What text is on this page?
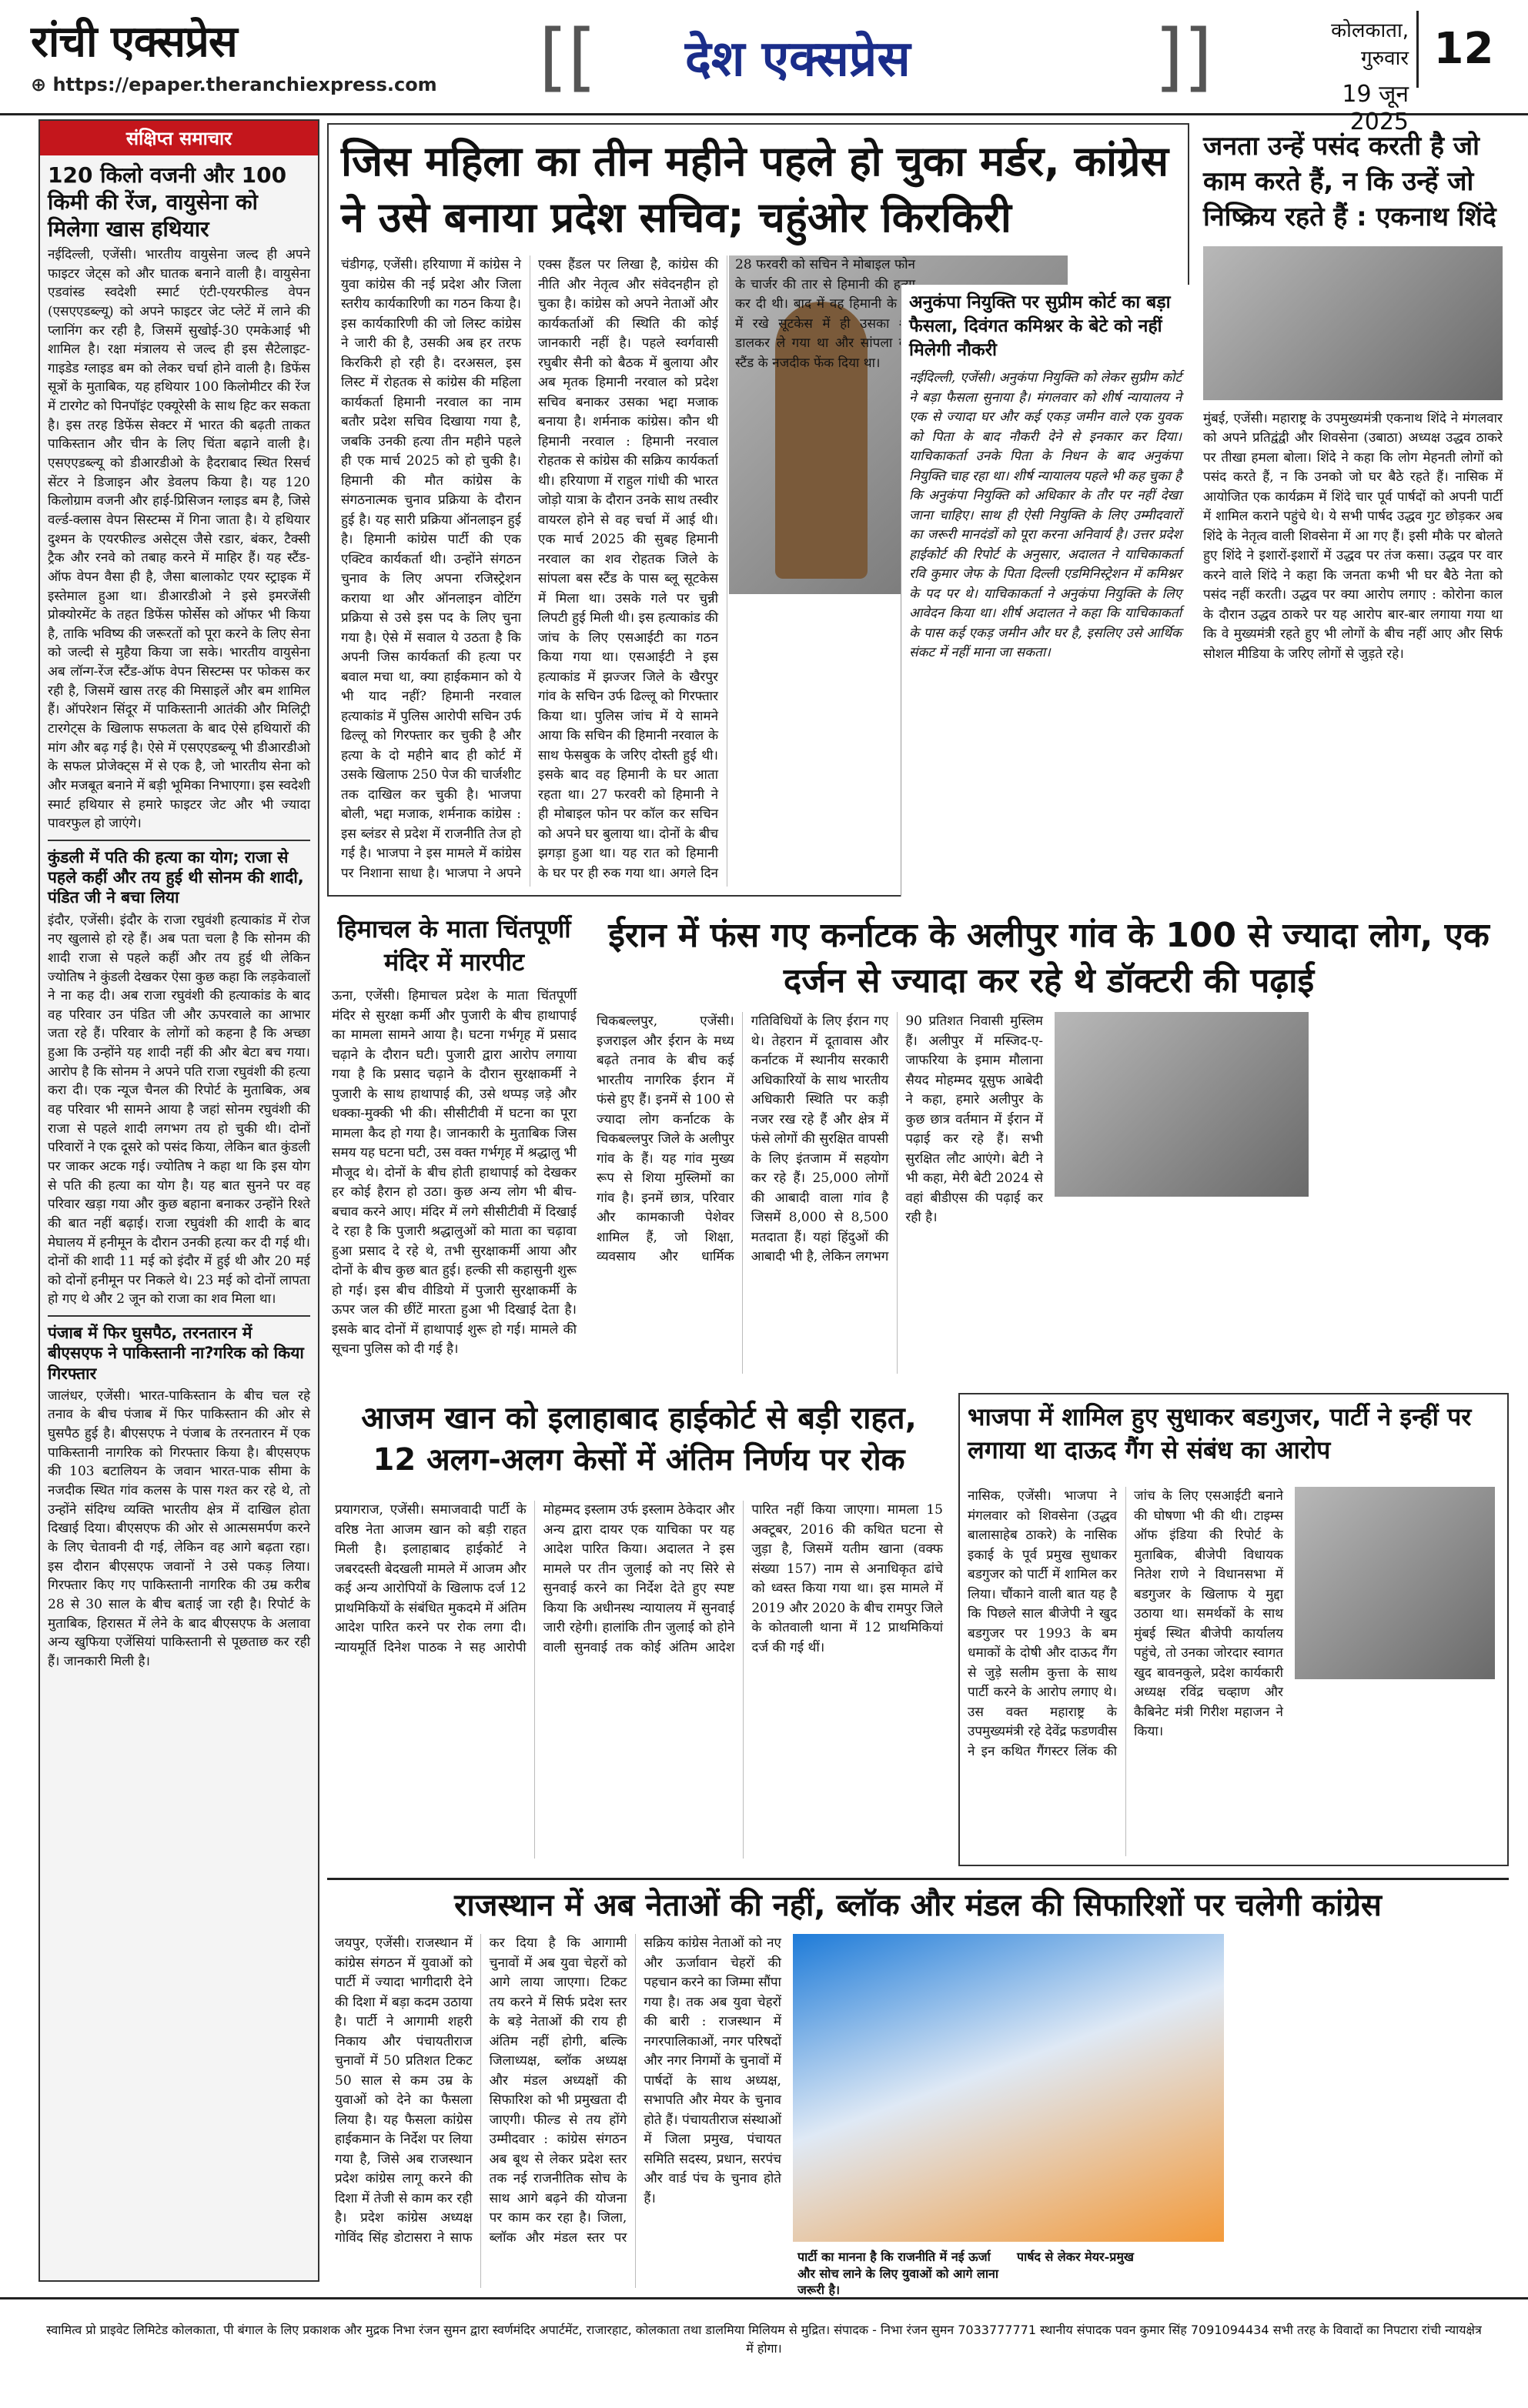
रांची एक्सप्रेस
⊕ https://epaper.theranchiexpress.com [[ देश एक्सप्रेस	]]	कोलकाता, गुरुवार
19 जून 2025
12
संक्षिप्त समाचार
120 किलो वजनी और 100 किमी की रेंज, वायुसेना को मिलेगा खास हथियार
नईदिल्ली, एजेंसी। भारतीय वायुसेना जल्द ही अपने फाइटर जेट्स को और घातक बनाने वाली है। वायुसेना एडवांस्ड स्वदेशी स्मार्ट एंटी-एयरफील्ड वेपन (एसएएडब्ल्यू) को अपने फाइटर जेट प्लेटें में लाने की प्लानिंग कर रही है, जिसमें सुखोई-30 एमकेआई भी शामिल है। रक्षा मंत्रालय से जल्द ही इस सैटेलाइट-गाइडेड ग्लाइड बम को लेकर चर्चा होने वाली है। डिफेंस सूत्रों के मुताबिक, यह हथियार 100 किलोमीटर की रेंज में टारगेट को पिनपॉइंट एक्यूरेसी के साथ हिट कर सकता है। इस तरह डिफेंस सेक्टर में भारत की बढ़ती ताकत पाकिस्तान और चीन के लिए चिंता बढ़ाने वाली है। एसएएडब्ल्यू को डीआरडीओ के हैदराबाद स्थित रिसर्च सेंटर ने डिजाइन और डेवलप किया है। यह 120 किलोग्राम वजनी और हाई-प्रिसिजन ग्लाइड बम है, जिसे वर्ल्ड-क्लास वेपन सिस्टम्स में गिना जाता है। ये हथियार दुश्मन के एयरफील्ड असेट्स जैसे रडार, बंकर, टैक्सी ट्रैक और रनवे को तबाह करने में माहिर हैं। यह स्टैंड-ऑफ वेपन वैसा ही है, जैसा बालाकोट एयर स्ट्राइक में इस्तेमाल हुआ था। डीआरडीओ ने इसे इमरजेंसी प्रोक्योरमेंट के तहत डिफेंस फोर्सेस को ऑफर भी किया है, ताकि भविष्य की जरूरतों को पूरा करने के लिए सेना को जल्दी से मुहैया किया जा सके। भारतीय वायुसेना अब लॉन्ग-रेंज स्टैंड-ऑफ वेपन सिस्टम्स पर फोकस कर रही है, जिसमें खास तरह की मिसाइलें और बम शामिल हैं। ऑपरेशन सिंदूर में पाकिस्तानी आतंकी और मिलिट्री टारगेट्स के खिलाफ सफलता के बाद ऐसे हथियारों की मांग और बढ़ गई है। ऐसे में एसएएडब्ल्यू भी डीआरडीओ के सफल प्रोजेक्ट्स में से एक है, जो भारतीय सेना को और मजबूत बनाने में बड़ी भूमिका निभाएगा। इस स्वदेशी स्मार्ट हथियार से हमारे फाइटर जेट और भी ज्यादा पावरफुल हो जाएंगे।
कुंडली में पति की हत्या का योग; राजा से पहले कहीं और तय हुई थी सोनम की शादी, पंडित जी ने बचा लिया
इंदौर, एजेंसी। इंदौर के राजा रघुवंशी हत्याकांड में रोज नए खुलासे हो रहे हैं। अब पता चला है कि सोनम की शादी राजा से पहले कहीं और तय हुई थी लेकिन ज्योतिष ने कुंडली देखकर ऐसा कुछ कहा कि लड़केवालों ने ना कह दी। अब राजा रघुवंशी की हत्याकांड के बाद वह परिवार उन पंडित जी और ऊपरवाले का आभार जता रहे हैं। परिवार के लोगों को कहना है कि अच्छा हुआ कि उन्होंने यह शादी नहीं की और बेटा बच गया। आरोप है कि सोनम ने अपने पति राजा रघुवंशी की हत्या करा दी। एक न्यूज चैनल की रिपोर्ट के मुताबिक, अब वह परिवार भी सामने आया है जहां सोनम रघुवंशी की राजा से पहले शादी लगभग तय हो चुकी थी। दोनों परिवारों ने एक दूसरे को पसंद किया, लेकिन बात कुंडली पर जाकर अटक गई। ज्योतिष ने कहा था कि इस योग से पति की हत्या का योग है। यह बात सुनने पर वह परिवार खड़ा गया और कुछ बहाना बनाकर उन्होंने रिश्ते की बात नहीं बढ़ाई। राजा रघुवंशी की शादी के बाद मेघालय में हनीमून के दौरान उनकी हत्या कर दी गई थी। दोनों की शादी 11 मई को इंदौर में हुई थी और 20 मई को दोनों हनीमून पर निकले थे। 23 मई को दोनों लापता हो गए थे और 2 जून को राजा का शव मिला था।
पंजाब में फिर घुसपैठ, तरनतारन में बीएसएफ ने पाकिस्तानी ना?गरिक को किया गिरफ्तार
जालंधर, एजेंसी। भारत-पाकिस्तान के बीच चल रहे तनाव के बीच पंजाब में फिर पाकिस्तान की ओर से घुसपैठ हुई है। बीएसएफ ने पंजाब के तरनतारन में एक पाकिस्तानी नागरिक को गिरफ्तार किया है। बीएसएफ की 103 बटालियन के जवान भारत-पाक सीमा के नजदीक स्थित गांव कलस के पास गश्त कर रहे थे, तो उन्होंने संदिग्ध व्यक्ति भारतीय क्षेत्र में दाखिल होता दिखाई दिया। बीएसएफ की ओर से आत्मसमर्पण करने के लिए चेतावनी दी गई, लेकिन वह आगे बढ़ता रहा। इस दौरान बीएसएफ जवानों ने उसे पकड़ लिया। गिरफ्तार किए गए पाकिस्तानी नागरिक की उम्र करीब 28 से 30 साल के बीच बताई जा रही है। रिपोर्ट के मुताबिक, हिरासत में लेने के बाद बीएसएफ के अलावा अन्य खुफिया एजेंसियां पाकिस्तानी से पूछताछ कर रही हैं। जानकारी मिली है।
जिस महिला का तीन महीने पहले हो चुका मर्डर, कांग्रेस ने उसे बनाया प्रदेश सचिव; चहुंओर किरकिरी
चंडीगढ़, एजेंसी। हरियाणा में कांग्रेस ने युवा कांग्रेस की नई प्रदेश और जिला स्तरीय कार्यकारिणी का गठन किया है। इस कार्यकारिणी की जो लिस्ट कांग्रेस ने जारी की है, उसकी अब हर तरफ किरकिरी हो रही है। दरअसल, इस लिस्ट में रोहतक से कांग्रेस की महिला कार्यकर्ता हिमानी नरवाल का नाम बतौर प्रदेश सचिव दिखाया गया है, जबकि उनकी हत्या तीन महीने पहले ही एक मार्च 2025 को हो चुकी है। हिमानी की मौत कांग्रेस के संगठनात्मक चुनाव प्रक्रिया के दौरान हुई है। यह सारी प्रक्रिया ऑनलाइन हुई है। हिमानी कांग्रेस पार्टी की एक एक्टिव कार्यकर्ता थी। उन्होंने संगठन चुनाव के लिए अपना रजिस्ट्रेशन कराया था और ऑनलाइन वोटिंग प्रक्रिया से उसे इस पद के लिए चुना गया है। ऐसे में सवाल ये उठता है कि अपनी जिस कार्यकर्ता की हत्या पर बवाल मचा था, क्या हाईकमान को ये भी याद नहीं? हिमानी नरवाल हत्याकांड में पुलिस आरोपी सचिन उर्फ ढिल्लू को गिरफ्तार कर चुकी है और हत्या के दो महीने बाद ही कोर्ट में उसके खिलाफ 250 पेज की चार्जशीट तक दाखिल कर चुकी है। भाजपा बोली, भद्दा मजाक, शर्मनाक कांग्रेस : इस ब्लंडर से प्रदेश में राजनीति तेज हो गई है। भाजपा ने इस मामले में कांग्रेस पर निशाना साधा है। भाजपा ने अपने एक्स हैंडल पर लिखा है, कांग्रेस की नीति और नेतृत्व और संवेदनहीन हो चुका है। कांग्रेस को अपने नेताओं और कार्यकर्ताओं की स्थिति की कोई जानकारी नहीं है। पहले स्वर्गवासी रघुबीर सैनी को बैठक में बुलाया और अब मृतक हिमानी नरवाल को प्रदेश सचिव बनाकर उसका भद्दा मजाक बनाया है। शर्मनाक कांग्रेस। कौन थी हिमानी नरवाल : हिमानी नरवाल रोहतक से कांग्रेस की सक्रिय कार्यकर्ता थी। हरियाणा में राहुल गांधी की भारत जोड़ो यात्रा के दौरान उनके साथ तस्वीर वायरल होने से वह चर्चा में आई थी। एक मार्च 2025 की सुबह हिमानी नरवाल का शव रोहतक जिले के सांपला बस स्टैंड के पास ब्लू सूटकेस में मिला था। उसके गले पर चुन्नी लिपटी हुई मिली थी। इस हत्याकांड की जांच के लिए एसआईटी का गठन किया गया था। एसआईटी ने इस हत्याकांड में झज्जर जिले के खैरपुर गांव के सचिन उर्फ ढिल्लू को गिरफ्तार किया था। पुलिस जांच में ये सामने आया कि सचिन की हिमानी नरवाल के साथ फेसबुक के जरिए दोस्ती हुई थी। इसके बाद वह हिमानी के घर आता रहता था। 27 फरवरी को हिमानी ने ही मोबाइल फोन पर कॉल कर सचिन को अपने घर बुलाया था। दोनों के बीच झगड़ा हुआ था। यह रात को हिमानी के घर पर ही रुक गया था। अगले दिन
अनुकंपा नियुक्ति पर सुप्रीम कोर्ट का बड़ा फैसला, दिवंगत कमिश्नर के बेटे को नहीं मिलेगी नौकरी
नईदिल्ली, एजेंसी। अनुकंपा नियुक्ति को लेकर सुप्रीम कोर्ट ने बड़ा फैसला सुनाया है। मंगलवार को शीर्ष न्यायालय ने एक से ज्यादा घर और कई एकड़ जमीन वाले एक युवक को पिता के बाद नौकरी देने से इनकार कर दिया। याचिकाकर्ता उनके पिता के निधन के बाद अनुकंपा नियुक्ति चाह रहा था। शीर्ष न्यायालय पहले भी कह चुका है कि अनुकंपा नियुक्ति को अधिकार के तौर पर नहीं देखा जाना चाहिए। साथ ही ऐसी नियुक्ति के लिए उम्मीदवारों का जरूरी मानदंडों को पूरा करना अनिवार्य है। उत्तर प्रदेश हाईकोर्ट की रिपोर्ट के अनुसार, अदालत ने याचिकाकर्ता रवि कुमार जेफ के पिता दिल्ली एडमिनिस्ट्रेशन में कमिश्नर के पद पर थे। याचिकाकर्ता ने अनुकंपा नियुक्ति के लिए आवेदन किया था। शीर्ष अदालत ने कहा कि याचिकाकर्ता के पास कई एकड़ जमीन और घर है, इसलिए उसे आर्थिक संकट में नहीं माना जा सकता।
जनता उन्हें पसंद करती है जो काम करते हैं, न कि उन्हें जो निष्क्रिय रहते हैं : एकनाथ शिंदे
मुंबई, एजेंसी। महाराष्ट्र के उपमुख्यमंत्री एकनाथ शिंदे ने मंगलवार को अपने प्रतिद्वंद्वी और शिवसेना (उबाठा) अध्यक्ष उद्धव ठाकरे पर तीखा हमला बोला। शिंदे ने कहा कि लोग मेहनती लोगों को पसंद करते हैं, न कि उनको जो घर बैठे रहते हैं। नासिक में आयोजित एक कार्यक्रम में शिंदे चार पूर्व पार्षदों को अपनी पार्टी में शामिल कराने पहुंचे थे। ये सभी पार्षद उद्धव गुट छोड़कर अब शिंदे के नेतृत्व वाली शिवसेना में आ गए हैं। इसी मौके पर बोलते हुए शिंदे ने इशारों-इशारों में उद्धव पर तंज कसा। उद्धव पर वार करने वाले शिंदे ने कहा कि जनता कभी भी घर बैठे नेता को पसंद नहीं करती। उद्धव पर क्या आरोप लगाए : कोरोना काल के दौरान उद्धव ठाकरे पर यह आरोप बार-बार लगाया गया था कि वे मुख्यमंत्री रहते हुए भी लोगों के बीच नहीं आए और सिर्फ सोशल मीडिया के जरिए लोगों से जुड़ते रहे।
हिमाचल के माता चिंतपूर्णी मंदिर में मारपीट
ऊना, एजेंसी। हिमाचल प्रदेश के माता चिंतपूर्णी मंदिर से सुरक्षा कर्मी और पुजारी के बीच हाथापाई का मामला सामने आया है। घटना गर्भगृह में प्रसाद चढ़ाने के दौरान घटी। पुजारी द्वारा आरोप लगाया गया है कि प्रसाद चढ़ाने के दौरान सुरक्षाकर्मी ने पुजारी के साथ हाथापाई की, उसे थप्पड़ जड़े और धक्का-मुक्की भी की। सीसीटीवी में घटना का पूरा मामला कैद हो गया है। जानकारी के मुताबिक जिस समय यह घटना घटी, उस वक्त गर्भगृह में श्रद्धालु भी मौजूद थे। दोनों के बीच होती हाथापाई को देखकर हर कोई हैरान हो उठा। कुछ अन्य लोग भी बीच-बचाव करने आए। मंदिर में लगे सीसीटीवी में दिखाई दे रहा है कि पुजारी श्रद्धालुओं को माता का चढ़ावा हुआ प्रसाद दे रहे थे, तभी सुरक्षाकर्मी आया और दोनों के बीच कुछ बात हुई। हल्की सी कहासुनी शुरू हो गई। इस बीच वीडियो में पुजारी सुरक्षाकर्मी के ऊपर जल की छींटें मारता हुआ भी दिखाई देता है। इसके बाद दोनों में हाथापाई शुरू हो गई। मामले की सूचना पुलिस को दी गई है।
ईरान में फंस गए कर्नाटक के अलीपुर गांव के 100 से ज्यादा लोग, एक दर्जन से ज्यादा कर रहे थे डॉक्टरी की पढ़ाई
चिकबल्लपुर, एजेंसी। इजराइल और ईरान के मध्य बढ़ते तनाव के बीच कई भारतीय नागरिक ईरान में फंसे हुए हैं। इनमें से 100 से ज्यादा लोग कर्नाटक के चिकबल्लपुर जिले के अलीपुर गांव के हैं। यह गांव मुख्य रूप से शिया मुस्लिमों का गांव है। इनमें छात्र, परिवार और कामकाजी पेशेवर शामिल हैं, जो शिक्षा, व्यवसाय और धार्मिक गतिविधियों के लिए ईरान गए थे। तेहरान में दूतावास और कर्नाटक में स्थानीय सरकारी अधिकारियों के साथ भारतीय अधिकारी स्थिति पर कड़ी नजर रख रहे हैं और क्षेत्र में फंसे लोगों की सुरक्षित वापसी के लिए इंतजाम में सहयोग कर रहे हैं। 25,000 लोगों की आबादी वाला गांव है जिसमें 8,000 से 8,500 मतदाता हैं। यहां हिंदुओं की आबादी भी है, लेकिन लगभग 90 प्रतिशत निवासी मुस्लिम हैं। अलीपुर में मस्जिद-ए-जाफरिया के इमाम मौलाना सैयद मोहम्मद यूसुफ आबेदी ने कहा, हमारे अलीपुर के कुछ छात्र वर्तमान में ईरान में पढ़ाई कर रहे हैं। सभी सुरक्षित लौट आएंगे। बेटी ने भी कहा, मेरी बेटी 2024 से वहां बीडीएस की पढ़ाई कर रही है।
आजम खान को इलाहाबाद हाईकोर्ट से बड़ी राहत, 12 अलग-अलग केसों में अंतिम निर्णय पर रोक
प्रयागराज, एजेंसी। समाजवादी पार्टी के वरिष्ठ नेता आजम खान को बड़ी राहत मिली है। इलाहाबाद हाईकोर्ट ने जबरदस्ती बेदखली मामले में आजम और कई अन्य आरोपियों के खिलाफ दर्ज 12 प्राथमिकियों के संबंधित मुकदमे में अंतिम आदेश पारित करने पर रोक लगा दी। न्यायमूर्ति दिनेश पाठक ने सह आरोपी मोहम्मद इस्लाम उर्फ इस्लाम ठेकेदार और अन्य द्वारा दायर एक याचिका पर यह आदेश पारित किया। अदालत ने इस मामले पर तीन जुलाई को नए सिरे से सुनवाई करने का निर्देश देते हुए स्पष्ट किया कि अधीनस्थ न्यायालय में सुनवाई जारी रहेगी। हालांकि तीन जुलाई को होने वाली सुनवाई तक कोई अंतिम आदेश पारित नहीं किया जाएगा। मामला 15 अक्टूबर, 2016 की कथित घटना से जुड़ा है, जिसमें यतीम खाना (वक्फ संख्या 157) नाम से अनाधिकृत ढांचे को ध्वस्त किया गया था। इस मामले में 2019 और 2020 के बीच रामपुर जिले के कोतवाली थाना में 12 प्राथमिकियां दर्ज की गई थीं।
भाजपा में शामिल हुए सुधाकर बडगुजर, पार्टी ने इन्हीं पर लगाया था दाऊद गैंग से संबंध का आरोप
नासिक, एजेंसी। भाजपा ने मंगलवार को शिवसेना (उद्धव बालासाहेब ठाकरे) के नासिक इकाई के पूर्व प्रमुख सुधाकर बडगुजर को पार्टी में शामिल कर लिया। चौंकाने वाली बात यह है कि पिछले साल बीजेपी ने खुद बडगुजर पर 1993 के बम धमाकों के दोषी और दाऊद गैंग से जुड़े सलीम कुत्ता के साथ पार्टी करने के आरोप लगाए थे। उस वक्त महाराष्ट्र के उपमुख्यमंत्री रहे देवेंद्र फडणवीस ने इन कथित गैंगस्टर लिंक की जांच के लिए एसआईटी बनाने की घोषणा भी की थी। टाइम्स ऑफ इंडिया की रिपोर्ट के मुताबिक, बीजेपी विधायक नितेश राणे ने विधानसभा में बडगुजर के खिलाफ ये मुद्दा उठाया था। समर्थकों के साथ मुंबई स्थित बीजेपी कार्यालय पहुंचे, तो उनका जोरदार स्वागत खुद बावनकुले, प्रदेश कार्यकारी अध्यक्ष रविंद्र चव्हाण और कैबिनेट मंत्री गिरीश महाजन ने किया।
राजस्थान में अब नेताओं की नहीं, ब्लॉक और मंडल की सिफारिशों पर चलेगी कांग्रेस
जयपुर, एजेंसी। राजस्थान में कांग्रेस संगठन में युवाओं को पार्टी में ज्यादा भागीदारी देने की दिशा में बड़ा कदम उठाया है। पार्टी ने आगामी शहरी निकाय और पंचायतीराज चुनावों में 50 प्रतिशत टिकट 50 साल से कम उम्र के युवाओं को देने का फैसला लिया है। यह फैसला कांग्रेस हाईकमान के निर्देश पर लिया गया है, जिसे अब राजस्थान प्रदेश कांग्रेस लागू करने की दिशा में तेजी से काम कर रही है। प्रदेश कांग्रेस अध्यक्ष गोविंद सिंह डोटासरा ने साफ कर दिया है कि आगामी चुनावों में अब युवा चेहरों को आगे लाया जाएगा। टिकट तय करने में सिर्फ प्रदेश स्तर के बड़े नेताओं की राय ही अंतिम नहीं होगी, बल्कि जिलाध्यक्ष, ब्लॉक अध्यक्ष और मंडल अध्यक्षों की सिफारिश को भी प्रमुखता दी जाएगी। फील्ड से तय होंगे उम्मीदवार : कांग्रेस संगठन अब बूथ से लेकर प्रदेश स्तर तक नई राजनीतिक सोच के साथ आगे बढ़ने की योजना पर काम कर रहा है। जिला, ब्लॉक और मंडल स्तर पर सक्रिय कांग्रेस नेताओं को नए और ऊर्जावान चेहरों की पहचान करने का जिम्मा सौंपा गया है। तक अब युवा चेहरों की बारी : राजस्थान में नगरपालिकाओं, नगर परिषदों और नगर निगमों के चुनावों में पार्षदों के साथ अध्यक्ष, सभापति और मेयर के चुनाव होते हैं। पंचायतीराज संस्थाओं में जिला प्रमुख, पंचायत समिति सदस्य, प्रधान, सरपंच और वार्ड पंच के चुनाव होते हैं।
पार्टी का मानना है कि राजनीति में नई ऊर्जा और सोच लाने के लिए युवाओं को आगे लाना जरूरी है।
पार्षद से लेकर मेयर-प्रमुख
स्वामित्व प्रो प्राइवेट लिमिटेड कोलकाता, पी बंगाल के लिए प्रकाशक और मुद्रक निभा रंजन सुमन द्वारा स्वर्णमंदिर अपार्टमेंट, राजारहाट, कोलकाता तथा डालमिया मिलियम से मुद्रित। संपादक - निभा रंजन सुमन 7033777771 स्थानीय संपादक पवन कुमार सिंह 7091094434 सभी तरह के विवादों का निपटारा रांची न्यायक्षेत्र में होगा।
